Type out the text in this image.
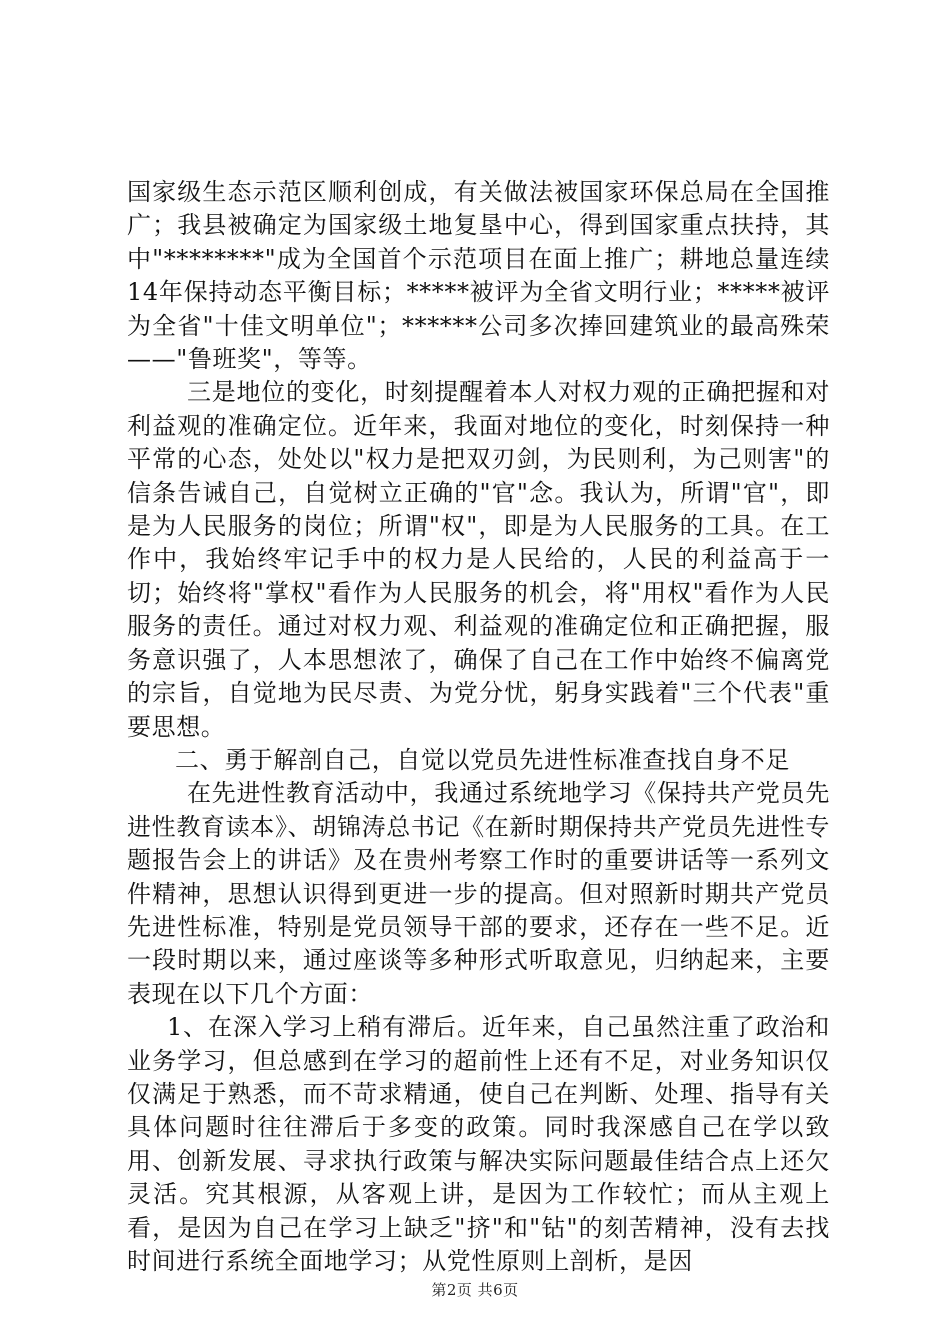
国家级生态示范区顺利创成，有关做法被国家环保总局在全国推广；我县被确定为国家级土地复垦中心，得到国家重点扶持，其中"********"成为全国首个示范项目在面上推广；耕地总量连续14年保持动态平衡目标；*****被评为全省文明行业；*****被评为全省"十佳文明单位"；******公司多次捧回建筑业的最高殊荣——"鲁班奖"，等等。

三是地位的变化，时刻提醒着本人对权力观的正确把握和对利益观的准确定位。近年来，我面对地位的变化，时刻保持一种平常的心态，处处以"权力是把双刃剑，为民则利，为己则害"的信条告诫自己，自觉树立正确的"官"念。我认为，所谓"官"，即是为人民服务的岗位；所谓"权"，即是为人民服务的工具。在工作中，我始终牢记手中的权力是人民给的，人民的利益高于一切；始终将"掌权"看作为人民服务的机会，将"用权"看作为人民服务的责任。通过对权力观、利益观的准确定位和正确把握，服务意识强了，人本思想浓了，确保了自己在工作中始终不偏离党的宗旨，自觉地为民尽责、为党分忧，躬身实践着"三个代表"重要思想。

二、勇于解剖自己，自觉以党员先进性标准查找自身不足

在先进性教育活动中，我通过系统地学习《保持共产党员先进性教育读本》、胡锦涛总书记《在新时期保持共产党员先进性专题报告会上的讲话》及在贵州考察工作时的重要讲话等一系列文件精神，思想认识得到更进一步的提高。但对照新时期共产党员先进性标准，特别是党员领导干部的要求，还存在一些不足。近一段时期以来，通过座谈等多种形式听取意见，归纳起来，主要表现在以下几个方面：

1、在深入学习上稍有滞后。近年来，自己虽然注重了政治和业务学习，但总感到在学习的超前性上还有不足，对业务知识仅仅满足于熟悉，而不苛求精通，使自己在判断、处理、指导有关具体问题时往往滞后于多变的政策。同时我深感自己在学以致用、创新发展、寻求执行政策与解决实际问题最佳结合点上还欠灵活。究其根源，从客观上讲，是因为工作较忙；而从主观上看，是因为自己在学习上缺乏"挤"和"钻"的刻苦精神，没有去找时间进行系统全面地学习；从党性原则上剖析，是因

第2页 共6页
